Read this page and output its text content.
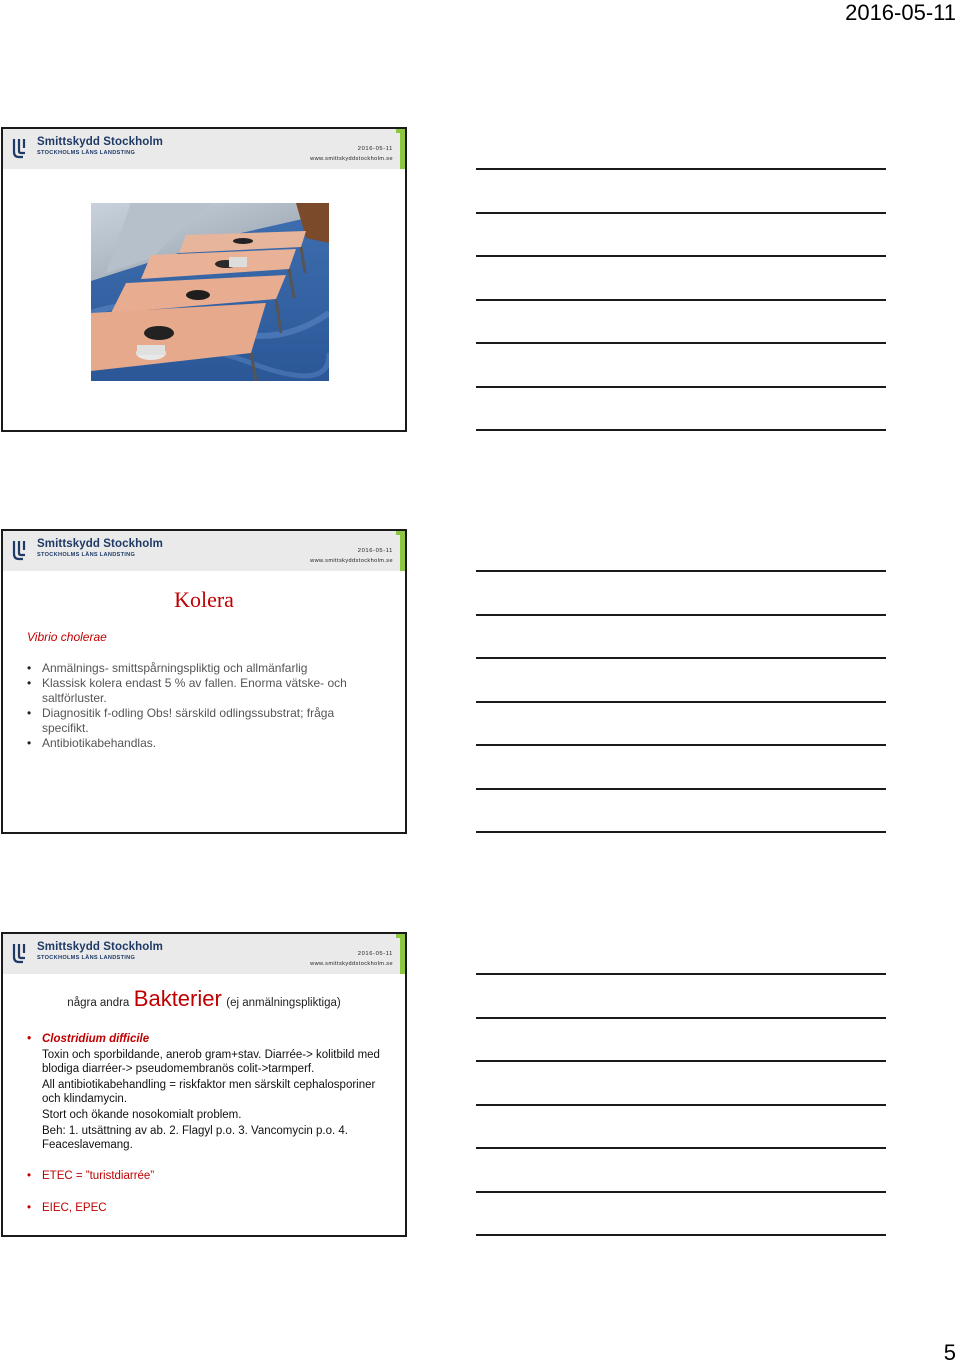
2016-05-11
Smittskydd Stockholm
STOCKHOLMS LÄNS LANDSTING
2016-05-11
www.smittskyddstockholm.se
Smittskydd Stockholm
STOCKHOLMS LÄNS LANDSTING
2016-05-11
www.smittskyddstockholm.se
Kolera
Vibrio cholerae
• Anmälnings- smittspårningspliktig och allmänfarlig
• Klassisk kolera endast 5 % av fallen. Enorma vätske- och saltförluster.
• Diagnositik f-odling Obs! särskild odlingssubstrat; fråga specifikt.
• Antibiotikabehandlas.
Smittskydd Stockholm
STOCKHOLMS LÄNS LANDSTING
2016-05-11
www.smittskyddstockholm.se
några andra Bakterier (ej anmälningspliktiga)
• Clostridium difficile
Toxin och sporbildande, anerob gram+stav. Diarrée-> kolitbild med blodiga diarréer-> pseudomembranös colit->tarmperf.
All antibiotikabehandling = riskfaktor men särskilt cephalosporiner och klindamycin.
Stort och ökande nosokomialt problem.
Beh: 1. utsättning av ab. 2. Flagyl p.o. 3. Vancomycin p.o. 4. Feaceslavemang.
• ETEC = ”turistdiarrée”
• EIEC, EPEC
5
